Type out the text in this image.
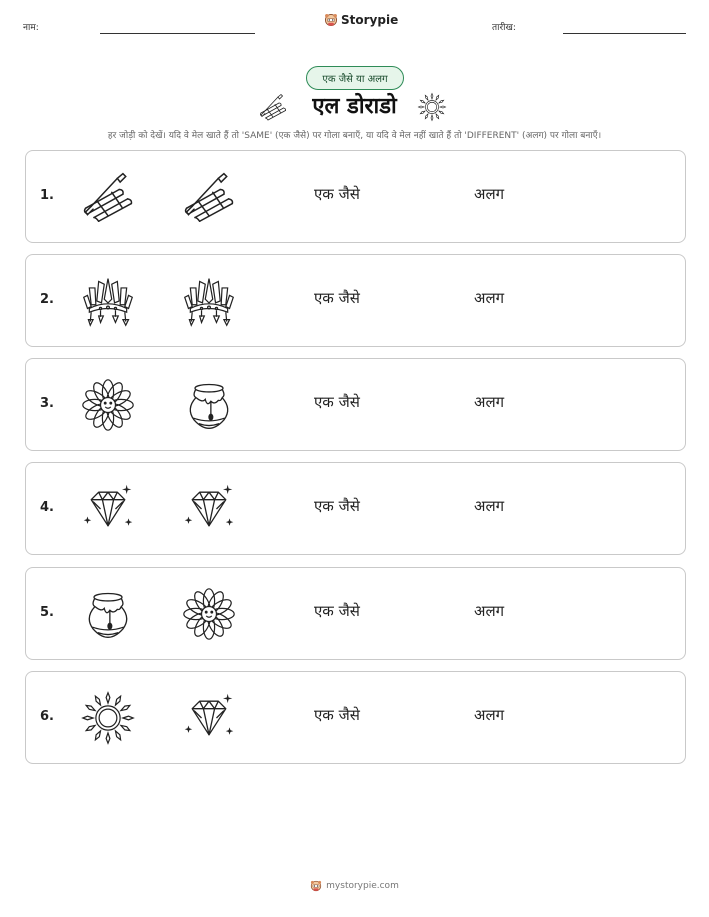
नाम:
Storypie
तारीख:
एक जैसे या अलग
एल डोराडो
हर जोड़ी को देखें। यदि वे मेल खाते हैं तो 'SAME' (एक जैसे) पर गोला बनाएँ, या यदि वे मेल नहीं खाते हैं तो 'DIFFERENT' (अलग) पर गोला बनाएँ।
1.	एक जैसे	अलग
2.	एक जैसे	अलग
3.	एक जैसे	अलग
4.	एक जैसे	अलग
5.	एक जैसे	अलग
6.	एक जैसे	अलग
mystorypie.com
